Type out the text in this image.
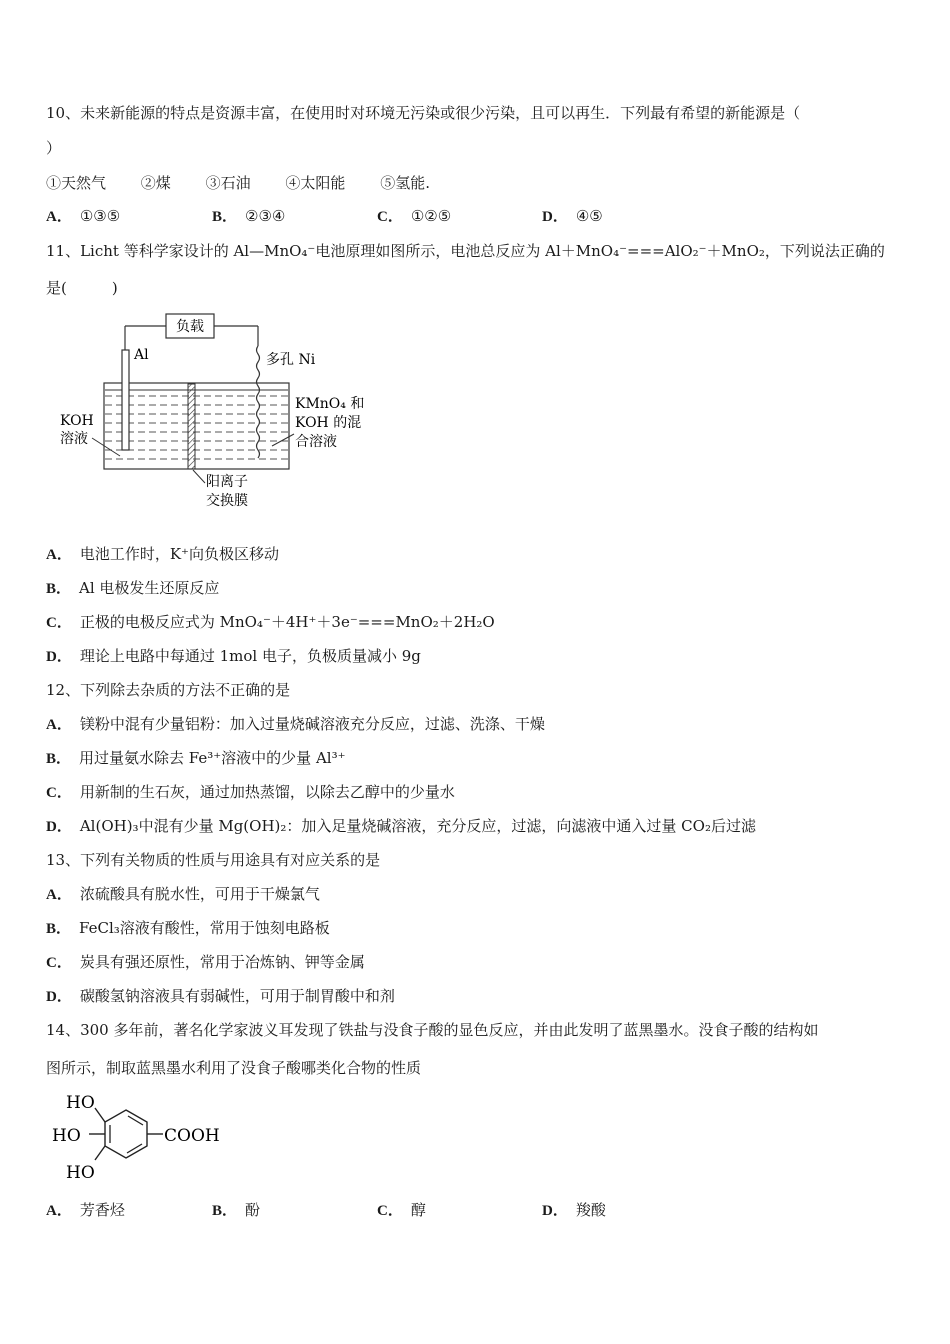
10、未来新能源的特点是资源丰富，在使用时对环境无污染或很少污染，且可以再生．下列最有希望的新能源是（
）
①天然气 ②煤 ③石油 ④太阳能 ⑤氢能.
A． ①③⑤	B． ②③④	C． ①②⑤	D． ④⑤
11、Licht 等科学家设计的 Al—MnO₄⁻电池原理如图所示，电池总反应为 Al＋MnO₄⁻===AlO₂⁻＋MnO₂，下列说法正确的
是(　　　)
负载
Al	多孔 Ni
KOH
溶液
KMnO₄ 和
KOH 的混
合溶液
阳离子
交换膜
A． 电池工作时，K⁺向负极区移动
B． Al 电极发生还原反应
C． 正极的电极反应式为 MnO₄⁻＋4H⁺＋3e⁻===MnO₂＋2H₂O
D． 理论上电路中每通过 1mol 电子，负极质量减小 9g
12、下列除去杂质的方法不正确的是
A． 镁粉中混有少量铝粉：加入过量烧碱溶液充分反应，过滤、洗涤、干燥
B． 用过量氨水除去 Fe³⁺溶液中的少量 Al³⁺
C． 用新制的生石灰，通过加热蒸馏，以除去乙醇中的少量水
D． Al(OH)₃中混有少量 Mg(OH)₂：加入足量烧碱溶液，充分反应，过滤，向滤液中通入过量 CO₂后过滤
13、下列有关物质的性质与用途具有对应关系的是
A． 浓硫酸具有脱水性，可用于干燥氯气
B． FeCl₃溶液有酸性，常用于蚀刻电路板
C． 炭具有强还原性，常用于冶炼钠、钾等金属
D． 碳酸氢钠溶液具有弱碱性，可用于制胃酸中和剂
14、300 多年前，著名化学家波义耳发现了铁盐与没食子酸的显色反应，并由此发明了蓝黑墨水。没食子酸的结构如
图所示，制取蓝黑墨水利用了没食子酸哪类化合物的性质
HO
HO
HO
COOH
A． 芳香烃	B． 酚	C． 醇	D． 羧酸
